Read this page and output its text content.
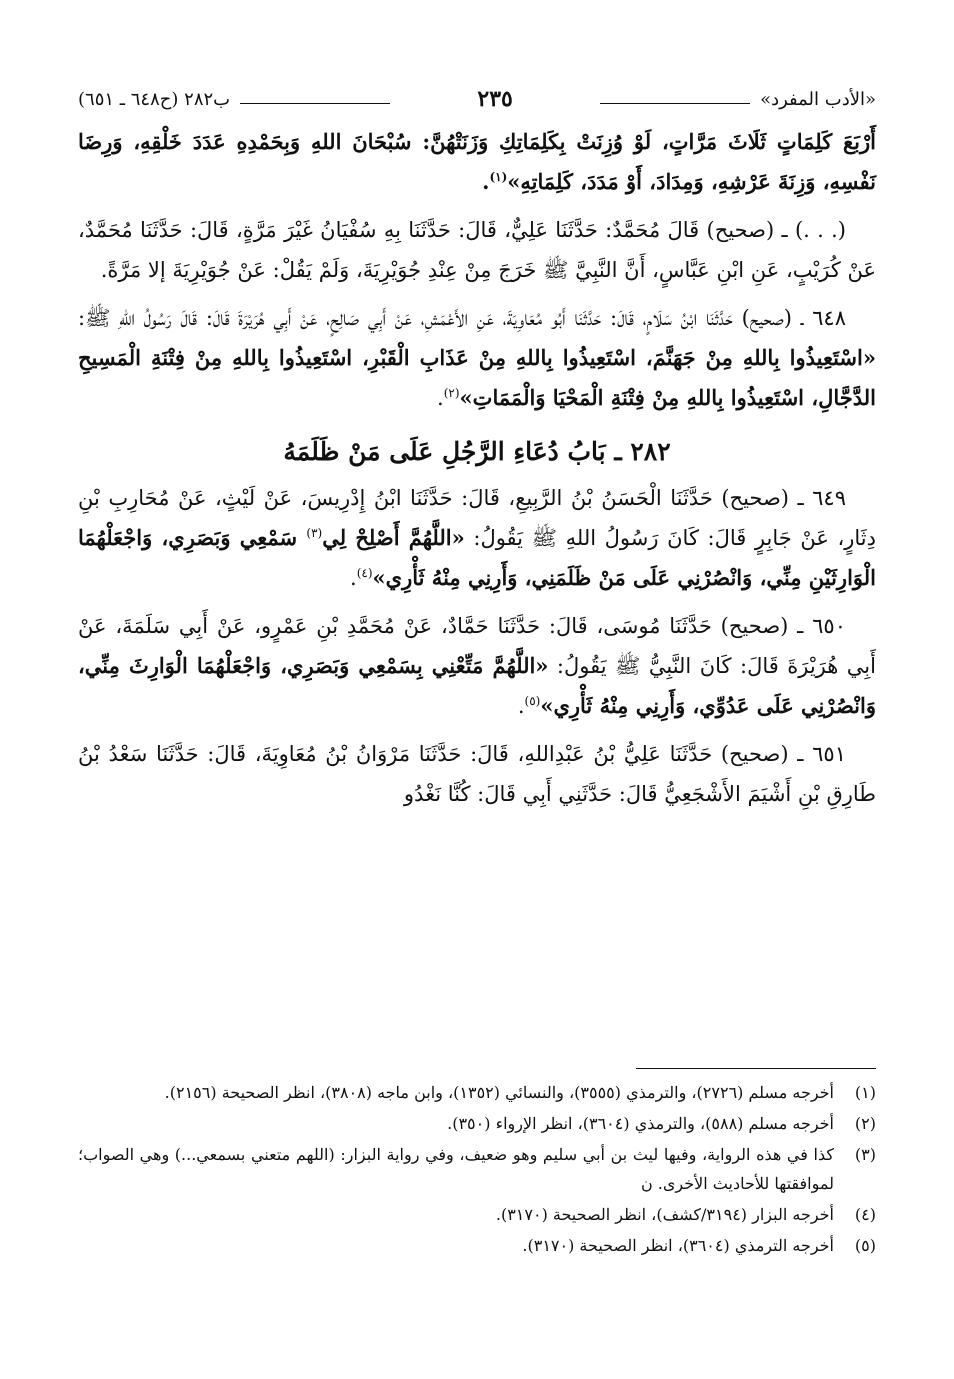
«الأدب المفرد»
٢٣٥
ب٢٨٢ (ح٦٤٨ ـ ٦٥١)

أَرْبَعَ كَلِمَاتٍ ثَلَاثَ مَرَّاتٍ، لَوْ وُزِنَتْ بِكَلِمَاتِكِ وَزَنَتْهُنَّ: سُبْحَانَ اللهِ وَبِحَمْدِهِ عَدَدَ خَلْقِهِ، وَرِضَا نَفْسِهِ، وَزِنَةَ عَرْشِهِ، وَمِدَادَ، أَوْ مَدَدَ، كَلِمَاتِهِ»$^{(١)}$.

(. . .) ـ (صحيح) قَالَ مُحَمَّدٌ: حَدَّثَنَا عَلِيٌّ، قَالَ: حَدَّثَنَا بِهِ سُفْيَانُ غَيْرَ مَرَّةٍ، قَالَ: حَدَّثَنَا مُحَمَّدٌ، عَنْ كُرَيْبٍ، عَنِ ابْنِ عَبَّاسٍ، أَنَّ النَّبِيَّ ﷺ خَرَجَ مِنْ عِنْدِ جُوَيْرِيَةَ، وَلَمْ يَقُلْ: عَنْ جُوَيْرِيَةَ إلا مَرَّةً.

٦٤٨ ـ (صحيح) حَدَّثَنَا ابْنُ سَلَامٍ، قَالَ: حَدَّثَنَا أَبُو مُعَاوِيَةَ، عَنِ الأَعْمَشِ، عَنْ أَبِي صَالِحٍ، عَنْ أَبِي هُرَيْرَةَ قَالَ: قَالَ رَسُولُ اللهِ ﷺ: «اسْتَعِيذُوا بِاللهِ مِنْ جَهَنَّمَ، اسْتَعِيذُوا بِاللهِ مِنْ عَذَابِ الْقَبْرِ، اسْتَعِيذُوا بِاللهِ مِنْ فِتْنَةِ الْمَسِيحِ الدَّجَّالِ، اسْتَعِيذُوا بِاللهِ مِنْ فِتْنَةِ الْمَحْيَا وَالْمَمَاتِ»$^{(٢)}$.

٢٨٢ ـ بَابُ دُعَاءِ الرَّجُلِ عَلَى مَنْ ظَلَمَهُ

٦٤٩ ـ (صحيح) حَدَّثَنَا الْحَسَنُ بْنُ الرَّبِيعِ، قَالَ: حَدَّثَنَا ابْنُ إِدْرِيسَ، عَنْ لَيْثٍ، عَنْ مُحَارِبِ بْنِ دِثَارٍ، عَنْ جَابِرٍ قَالَ: كَانَ رَسُولُ اللهِ ﷺ يَقُولُ: «اللَّهُمَّ أَصْلِحْ لِي$^{(٣)}$ سَمْعِي وَبَصَرِي، وَاجْعَلْهُمَا الْوَارِثَيْنِ مِنِّي، وَانْصُرْنِي عَلَى مَنْ ظَلَمَنِي، وَأَرِنِي مِنْهُ ثَأْرِي»$^{(٤)}$.

٦٥٠ ـ (صحيح) حَدَّثَنَا مُوسَى، قَالَ: حَدَّثَنَا حَمَّادٌ، عَنْ مُحَمَّدِ بْنِ عَمْرٍو، عَنْ أَبِي سَلَمَةَ، عَنْ أَبِي هُرَيْرَةَ قَالَ: كَانَ النَّبِيُّ ﷺ يَقُولُ: «اللَّهُمَّ مَتِّعْنِي بِسَمْعِي وَبَصَرِي، وَاجْعَلْهُمَا الْوَارِثَ مِنِّي، وَانْصُرْنِي عَلَى عَدُوِّي، وَأَرِنِي مِنْهُ ثَأْرِي»$^{(٥)}$.

٦٥١ ـ (صحيح) حَدَّثَنَا عَلِيُّ بْنُ عَبْدِاللهِ، قَالَ: حَدَّثَنَا مَرْوَانُ بْنُ مُعَاوِيَةَ، قَالَ: حَدَّثَنَا سَعْدُ بْنُ طَارِقِ بْنِ أَشْيَمَ الأَشْجَعِيُّ قَالَ: حَدَّثَنِي أَبِي قَالَ: كُنَّا نَغْدُو

(١)
أخرجه مسلم (٢٧٢٦)، والترمذي (٣٥٥٥)، والنسائي (١٣٥٢)، وابن ماجه (٣٨٠٨)، انظر الصحيحة (٢١٥٦).
(٢)
أخرجه مسلم (٥٨٨)، والترمذي (٣٦٠٤)، انظر الإرواء (٣٥٠).
(٣)
كذا في هذه الرواية، وفيها ليث بن أبي سليم وهو ضعيف، وفي رواية البزار: (اللهم متعني بسمعي...) وهي الصواب؛ لموافقتها للأحاديث الأخرى. ن
(٤)
أخرجه البزار (٣١٩٤/كشف)، انظر الصحيحة (٣١٧٠).
(٥)
أخرجه الترمذي (٣٦٠٤)، انظر الصحيحة (٣١٧٠).
